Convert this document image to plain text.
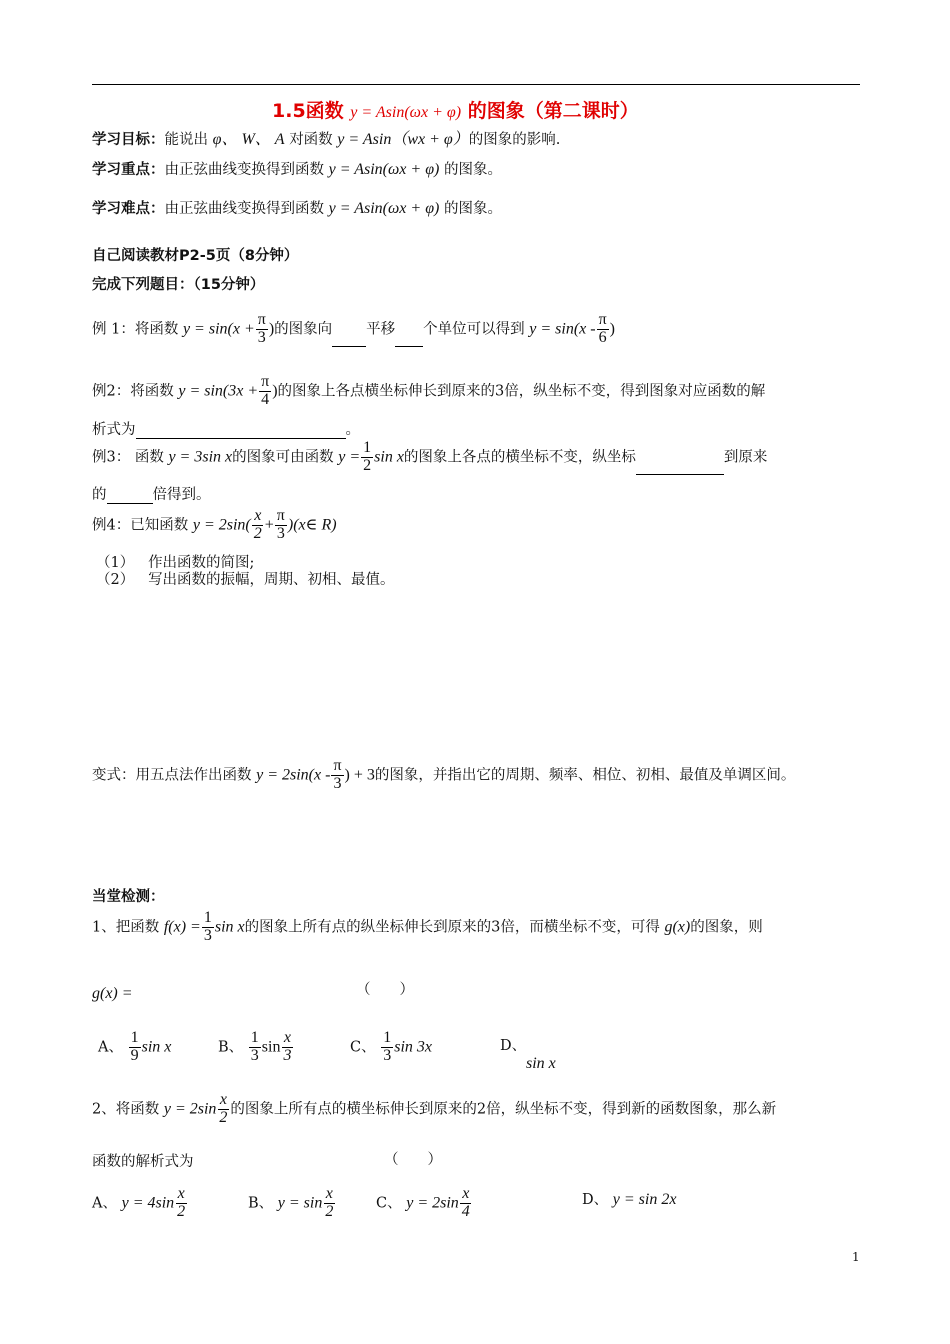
1.5函数 y = Asin(ωx + φ) 的图象（第二课时）
学习目标：能说出 φ、 W、 A 对函数 y = Asin（wx + φ）的图象的影响.
学习重点：由正弦曲线变换得到函数 y = Asin(ωx + φ) 的图象。
学习难点：由正弦曲线变换得到函数 y = Asin(ωx + φ) 的图象。
自己阅读教材P2-5页（8分钟）
完成下列题目：（15分钟）
例 1：将函数 $y = \sin(x + \frac{\pi}{3}$ )的图象向 平移 个单位可以得到 $y = \sin(x - \frac{\pi}{6}$ )
例2：将函数 $y = \sin(3x + \frac{\pi}{4}$ )的图象上各点横坐标伸长到原来的3倍，纵坐标不变，得到图象对应函数的解
析式为	。
例3： 函数 y = 3sin x的图象可由函数 $y = \frac{1}{2}$ sin x的图象上各点的横坐标不变，纵坐标	到原来
的	倍得到。
例4：已知函数 $y = 2\sin( \frac{x}{2} + \frac{\pi}{3}$ )(x∈ R)
（1） 作出函数的简图;
（2） 写出函数的振幅，周期、初相、最值。
变式：用五点法作出函数 $y = 2\sin(x - \frac{\pi}{3}$ ) + 3的图象，并指出它的周期、频率、相位、初相、最值及单调区间。
当堂检测：
1、把函数 $f(x) = \frac{1}{3}$ sin x的图象上所有点的纵坐标伸长到原来的3倍，而横坐标不变，可得 g(x)的图象，则
g(x) =	（　　）
A、 $\frac{1}{9}$ sin x	B、 $\frac{1}{3}$ $\sin \frac{x}{3}$	C、 $\frac{1}{3}$ sin 3x	D、
sin x
2、将函数 $y = 2\sin \frac{x}{2}$ 的图象上所有点的横坐标伸长到原来的2倍，纵坐标不变，得到新的函数图象，那么新
函数的解析式为	（　　）
A、 $y = 4\sin \frac{x}{2}$	B、 $y = \sin \frac{x}{2}$	C、 $y = 2\sin \frac{x}{4}$	D、 y = sin 2x
1
